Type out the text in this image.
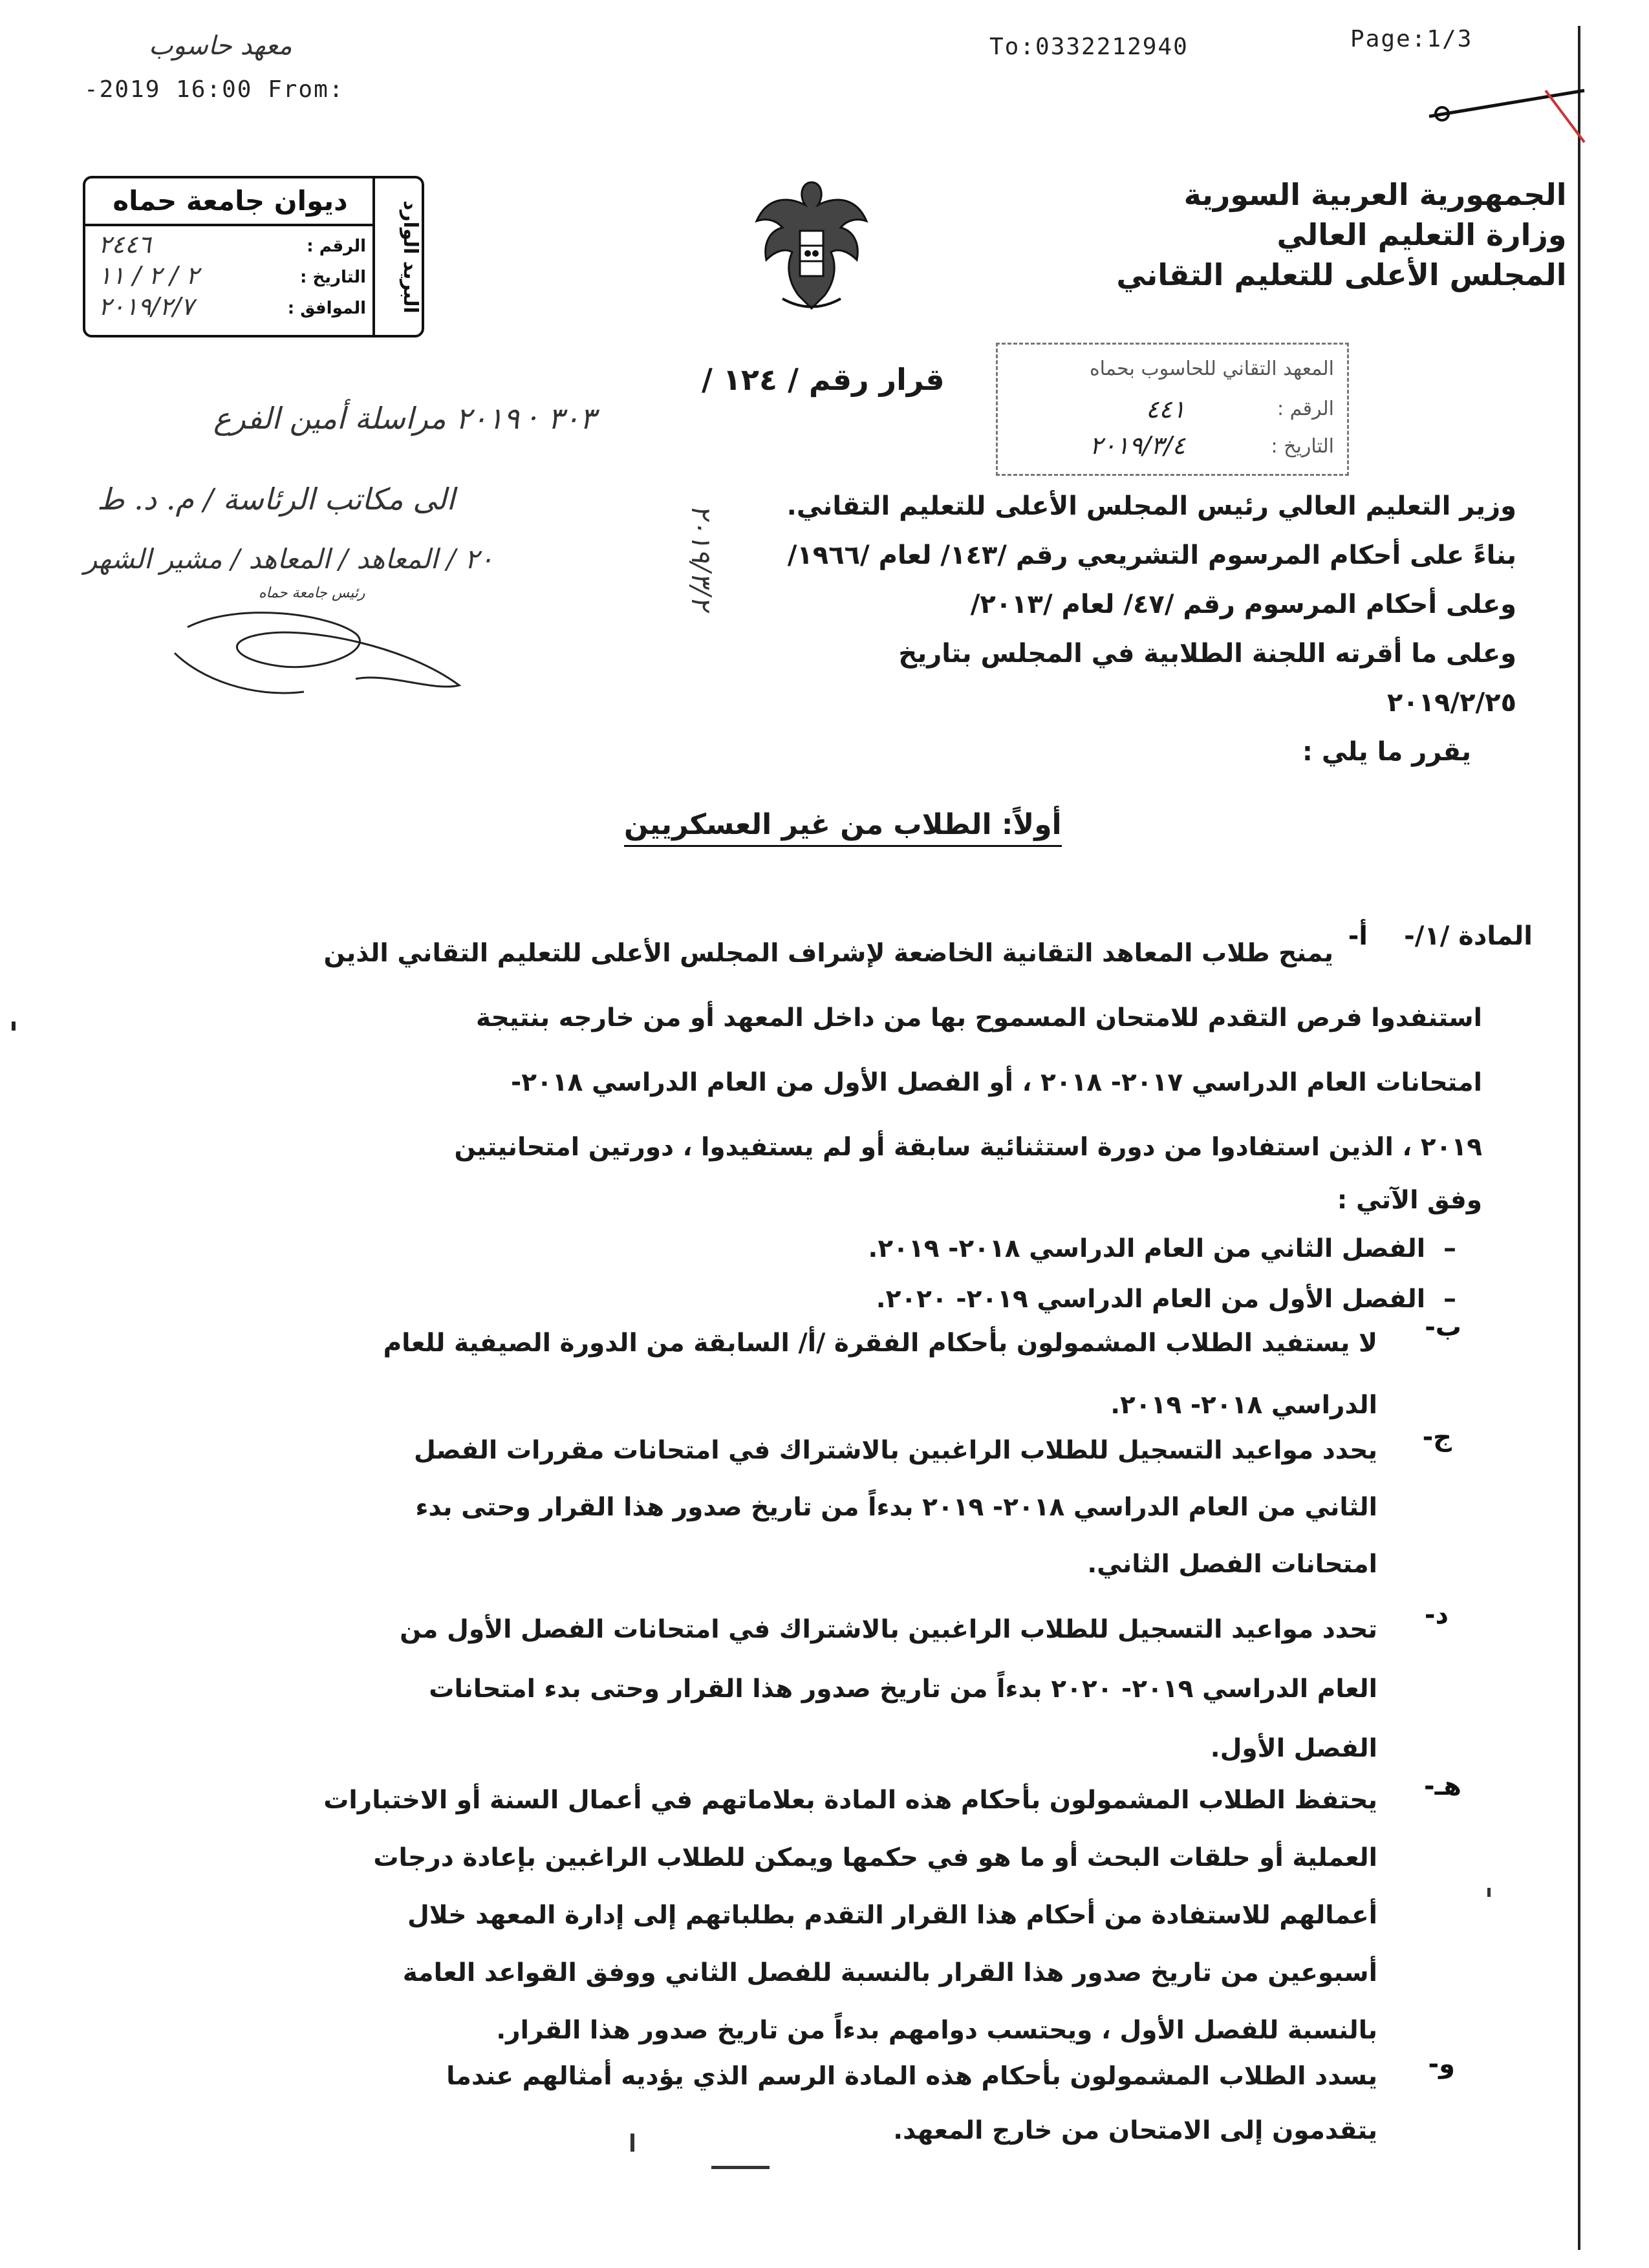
معهد حاسوب
-2019 16:00 From:
To:0332212940	Page:1/3
الجمهورية العربية السورية
وزارة التعليم العالي
المجلس الأعلى للتعليم التقاني
البريد الوارد
ديوان جامعة حماه
الرقم :
٢٤٤٦
التاريخ :
٢ / ٢ / ١١
الموافق :
٢٠١٩/٢/٧
المعهد التقاني للحاسوب بحماه
الرقم :
٤٤١
التاريخ :
٢٠١٩/٣/٤
قرار رقم / ١٢٤ /
٣٠٣ · ٢٠١٩ مراسلة أمين الفرع
الى مكاتب الرئاسة / م. د. ط
٢٠ / المعاهد / المعاهد / مشير الشهر
رئيس جامعة حماه	٢٠١٩/٣/٢	وزير التعليم العالي رئيس المجلس الأعلى للتعليم التقاني.
بناءً على أحكام المرسوم التشريعي رقم /١٤٣/ لعام /١٩٦٦/
وعلى أحكام المرسوم رقم /٤٧/ لعام /٢٠١٣/
وعلى ما أقرته اللجنة الطلابية في المجلس بتاريخ ٢٠١٩/٢/٢٥
يقرر ما يلي :
أولاً: الطلاب من غير العسكريين
المادة /١/-
أ-
يمنح طلاب المعاهد التقانية الخاضعة لإشراف المجلس الأعلى للتعليم التقاني الذين
استنفدوا فرص التقدم للامتحان المسموح بها من داخل المعهد أو من خارجه بنتيجة
امتحانات العام الدراسي ٢٠١٧- ٢٠١٨ ، أو الفصل الأول من العام الدراسي ٢٠١٨-
٢٠١٩ ، الذين استفادوا من دورة استثنائية سابقة أو لم يستفيدوا ، دورتين امتحانيتين
وفق الآتي :
–  الفصل الثاني من العام الدراسي ٢٠١٨- ٢٠١٩.
–  الفصل الأول من العام الدراسي ٢٠١٩- ٢٠٢٠.
ب-
لا يستفيد الطلاب المشمولون بأحكام الفقرة /أ/ السابقة من الدورة الصيفية للعام
الدراسي ٢٠١٨- ٢٠١٩.
ج-
يحدد مواعيد التسجيل للطلاب الراغبين بالاشتراك في امتحانات مقررات الفصل
الثاني من العام الدراسي ٢٠١٨- ٢٠١٩ بدءاً من تاريخ صدور هذا القرار وحتى بدء
امتحانات الفصل الثاني.
د-
تحدد مواعيد التسجيل للطلاب الراغبين بالاشتراك في امتحانات الفصل الأول من
العام الدراسي ٢٠١٩- ٢٠٢٠ بدءاً من تاريخ صدور هذا القرار وحتى بدء امتحانات
الفصل الأول.
هـ-
يحتفظ الطلاب المشمولون بأحكام هذه المادة بعلاماتهم في أعمال السنة أو الاختبارات
العملية أو حلقات البحث أو ما هو في حكمها ويمكن للطلاب الراغبين بإعادة درجات
أعمالهم للاستفادة من أحكام هذا القرار التقدم بطلباتهم إلى إدارة المعهد خلال
أسبوعين من تاريخ صدور هذا القرار بالنسبة للفصل الثاني ووفق القواعد العامة
بالنسبة للفصل الأول ، ويحتسب دوامهم بدءاً من تاريخ صدور هذا القرار.
و-
يسدد الطلاب المشمولون بأحكام هذه المادة الرسم الذي يؤديه أمثالهم عندما
يتقدمون إلى الامتحان من خارج المعهد.
